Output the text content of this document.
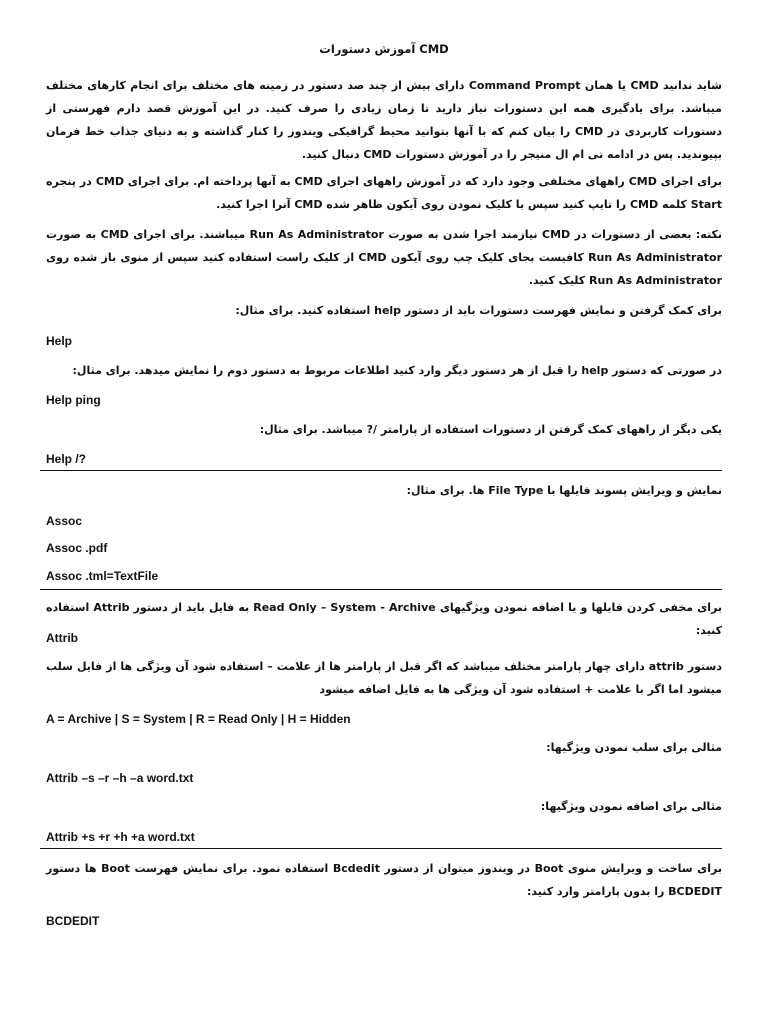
آموزش دستورات CMD

شاید ندانید CMD یا همان Command Prompt دارای بیش از چند صد دستور در زمینه های مختلف برای انجام کارهای مختلف میباشد. برای یادگیری همه این دستورات نیاز دارید تا زمان زیادی را صرف کنید. در این آموزش قصد دارم فهرستی از دستورات کاربردی در CMD را بیان کنم که با آنها بتوانید محیط گرافیکی ویندوز را کنار گذاشته و به دنیای جذاب خط فرمان بپیوندید. پس در ادامه تی ام ال منیجر را در آموزش دستورات CMD دنبال کنید.

برای اجرای CMD راههای مختلفی وجود دارد که در آموزش راههای اجرای CMD به آنها پرداخته ام. برای اجرای CMD در پنجره Start کلمه CMD را تایپ کنید سپس با کلیک نمودن روی آیکون ظاهر شده CMD آنرا اجرا کنید.

نکته: بعضی از دستورات در CMD نیازمند اجرا شدن به صورت Run As Administrator میباشند. برای اجرای CMD به صورت Run As Administrator کافیست بجای کلیک چپ روی آیکون CMD از کلیک راست استفاده کنید سپس از منوی باز شده روی Run As Administrator کلیک کنید.

برای کمک گرفتن و نمایش فهرست دستورات باید از دستور help استفاده کنید. برای مثال:

Help

در صورتی که دستور help را قبل از هر دستور دیگر وارد کنید اطلاعات مربوط به دستور دوم را نمایش میدهد. برای مثال:

Help ping

یکی دیگر از راههای کمک گرفتن از دستورات استفاده از پارامتر /? میباشد. برای مثال:

Help /?

نمایش و ویرایش پسوند فایلها با File Type ها. برای مثال:

Assoc
Assoc .pdf
Assoc .tml=TextFile

برای مخفی کردن فایلها و یا اضافه نمودن ویژگیهای Read Only – System - Archive به فایل باید از دستور Attrib استفاده کنید:

Attrib

دستور attrib دارای چهار پارامتر مختلف میباشد که اگر قبل از پارامتر ها از علامت – استفاده شود آن ویژگی ها از فایل سلب میشود اما اگر با علامت + استفاده شود آن ویژگی ها به فایل اضافه میشود

A = Archive | S = System | R = Read Only | H = Hidden

مثالی برای سلب نمودن ویژگیها:

Attrib –s –r –h –a word.txt

مثالی برای اضافه نمودن ویژگیها:

Attrib +s +r +h +a word.txt

برای ساخت و ویرایش منوی Boot در ویندوز میتوان از دستور Bcdedit استفاده نمود. برای نمایش فهرست Boot ها دستور BCDEDIT را بدون پارامتر وارد کنید:

BCDEDIT
